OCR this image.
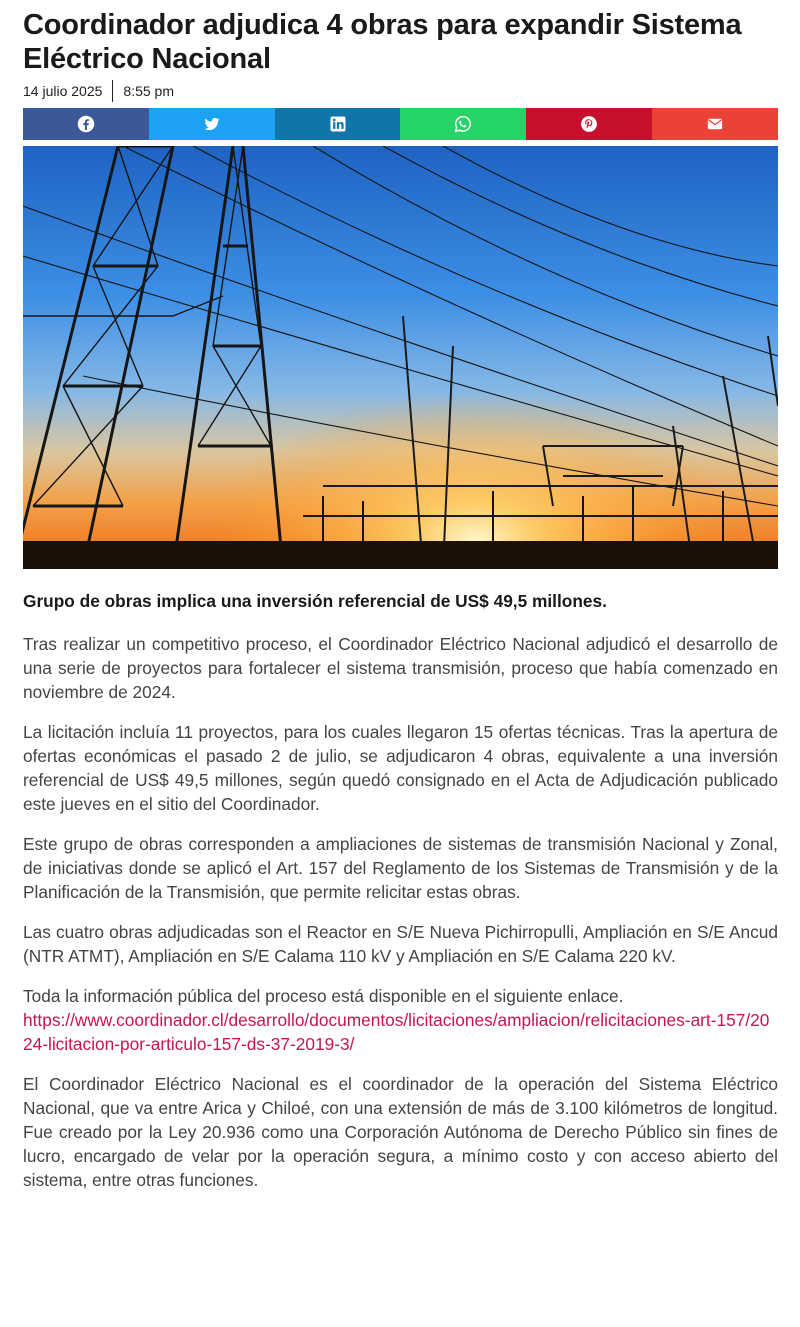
Coordinador adjudica 4 obras para expandir Sistema Eléctrico Nacional
14 julio 2025 8:55 pm

Grupo de obras implica una inversión referencial de US$ 49,5 millones.

Tras realizar un competitivo proceso, el Coordinador Eléctrico Nacional adjudicó el desarrollo de una serie de proyectos para fortalecer el sistema transmisión, proceso que había comenzado en noviembre de 2024.

La licitación incluía 11 proyectos, para los cuales llegaron 15 ofertas técnicas. Tras la apertura de ofertas económicas el pasado 2 de julio, se adjudicaron 4 obras, equivalente a una inversión referencial de US$ 49,5 millones, según quedó consignado en el Acta de Adjudicación publicado este jueves en el sitio del Coordinador.

Este grupo de obras corresponden a ampliaciones de sistemas de transmisión Nacional y Zonal, de iniciativas donde se aplicó el Art. 157 del Reglamento de los Sistemas de Transmisión y de la Planificación de la Transmisión, que permite relicitar estas obras.

Las cuatro obras adjudicadas son el Reactor en S/E Nueva Pichirropulli, Ampliación en S/E Ancud (NTR ATMT), Ampliación en S/E Calama 110 kV y Ampliación en S/E Calama 220 kV.

Toda la información pública del proceso está disponible en el siguiente enlace.
https://www.coordinador.cl/desarrollo/documentos/licitaciones/ampliacion/relicitaciones-art-157/2024-licitacion-por-articulo-157-ds-37-2019-3/

El Coordinador Eléctrico Nacional es el coordinador de la operación del Sistema Eléctrico Nacional, que va entre Arica y Chiloé, con una extensión de más de 3.100 kilómetros de longitud. Fue creado por la Ley 20.936 como una Corporación Autónoma de Derecho Público sin fines de lucro, encargado de velar por la operación segura, a mínimo costo y con acceso abierto del sistema, entre otras funciones.
